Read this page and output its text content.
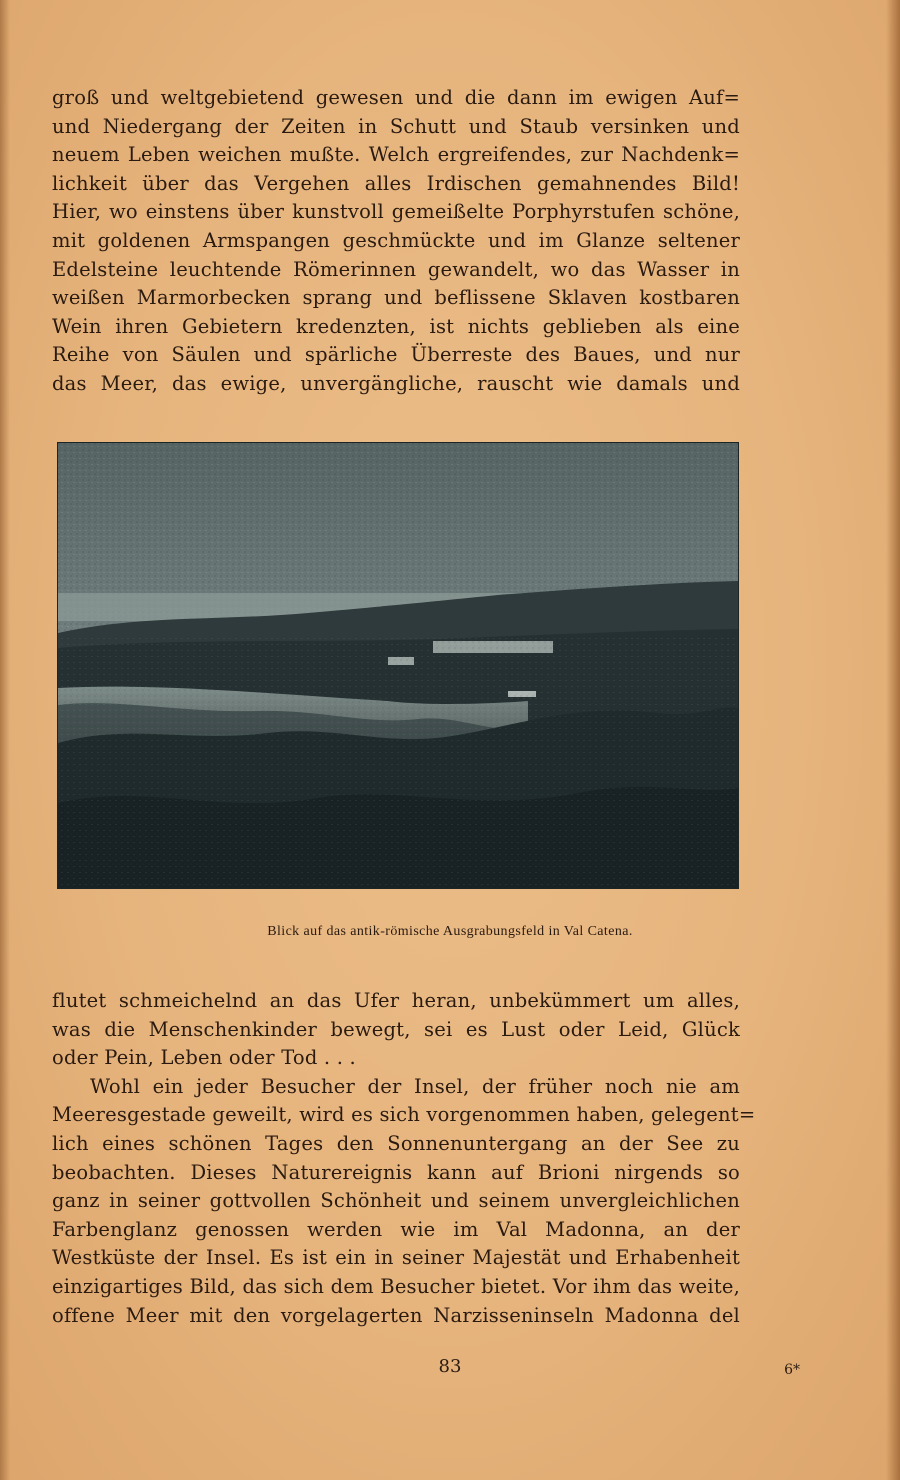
groß und weltgebietend gewesen und die dann im ewigen Auf=
und Niedergang der Zeiten in Schutt und Staub versinken und
neuem Leben weichen mußte. Welch ergreifendes, zur Nachdenk=
lichkeit über das Vergehen alles Irdischen gemahnendes Bild!
Hier, wo einstens über kunstvoll gemeißelte Porphyrstufen schöne,
mit goldenen Armspangen geschmückte und im Glanze seltener
Edelsteine leuchtende Römerinnen gewandelt, wo das Wasser in
weißen Marmorbecken sprang und beflissene Sklaven kostbaren
Wein ihren Gebietern kredenzten, ist nichts geblieben als eine
Reihe von Säulen und spärliche Überreste des Baues, und nur
das Meer, das ewige, unvergängliche, rauscht wie damals und
Blick auf das antik-römische Ausgrabungsfeld in Val Catena.
flutet schmeichelnd an das Ufer heran, unbekümmert um alles,
was die Menschenkinder bewegt, sei es Lust oder Leid, Glück
oder Pein, Leben oder Tod . . .
Wohl ein jeder Besucher der Insel, der früher noch nie am
Meeresgestade geweilt, wird es sich vorgenommen haben, gelegent=
lich eines schönen Tages den Sonnenuntergang an der See zu
beobachten. Dieses Naturereignis kann auf Brioni nirgends so
ganz in seiner gottvollen Schönheit und seinem unvergleichlichen
Farbenglanz genossen werden wie im Val Madonna, an der
Westküste der Insel. Es ist ein in seiner Majestät und Erhabenheit
einzigartiges Bild, das sich dem Besucher bietet. Vor ihm das weite,
offene Meer mit den vorgelagerten Narzisseninseln Madonna del
83	6*
